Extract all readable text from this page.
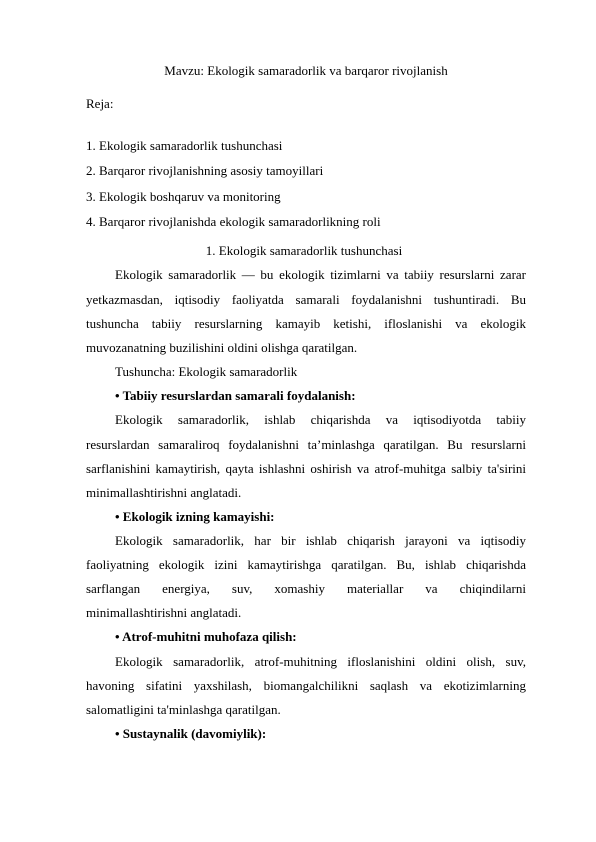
Mavzu: Ekologik samaradorlik va barqaror rivojlanish
Reja:
1. Ekologik samaradorlik tushunchasi
2. Barqaror rivojlanishning asosiy tamoyillari
3. Ekologik boshqaruv va monitoring
4. Barqaror rivojlanishda ekologik samaradorlikning roli
1. Ekologik samaradorlik tushunchasi
Ekologik samaradorlik — bu ekologik tizimlarni va tabiiy resurslarni zarar
yetkazmasdan, iqtisodiy faoliyatda samarali foydalanishni tushuntiradi. Bu
tushuncha tabiiy resurslarning kamayib ketishi, ifloslanishi va ekologik
muvozanatning buzilishini oldini olishga qaratilgan.
Tushuncha: Ekologik samaradorlik
• Tabiiy resurslardan samarali foydalanish:
Ekologik samaradorlik, ishlab chiqarishda va iqtisodiyotda tabiiy
resurslardan samaraliroq foydalanishni ta’minlashga qaratilgan. Bu resurslarni
sarflanishini kamaytirish, qayta ishlashni oshirish va atrof-muhitga salbiy ta'sirini
minimallashtirishni anglatadi.
• Ekologik izning kamayishi:
Ekologik samaradorlik, har bir ishlab chiqarish jarayoni va iqtisodiy
faoliyatning ekologik izini kamaytirishga qaratilgan. Bu, ishlab chiqarishda
sarflangan energiya, suv, xomashiy materiallar va chiqindilarni
minimallashtirishni anglatadi.
• Atrof-muhitni muhofaza qilish:
Ekologik samaradorlik, atrof-muhitning ifloslanishini oldini olish, suv,
havoning sifatini yaxshilash, biomangalchilikni saqlash va ekotizimlarning
salomatligini ta'minlashga qaratilgan.
• Sustaynalik (davomiylik):
